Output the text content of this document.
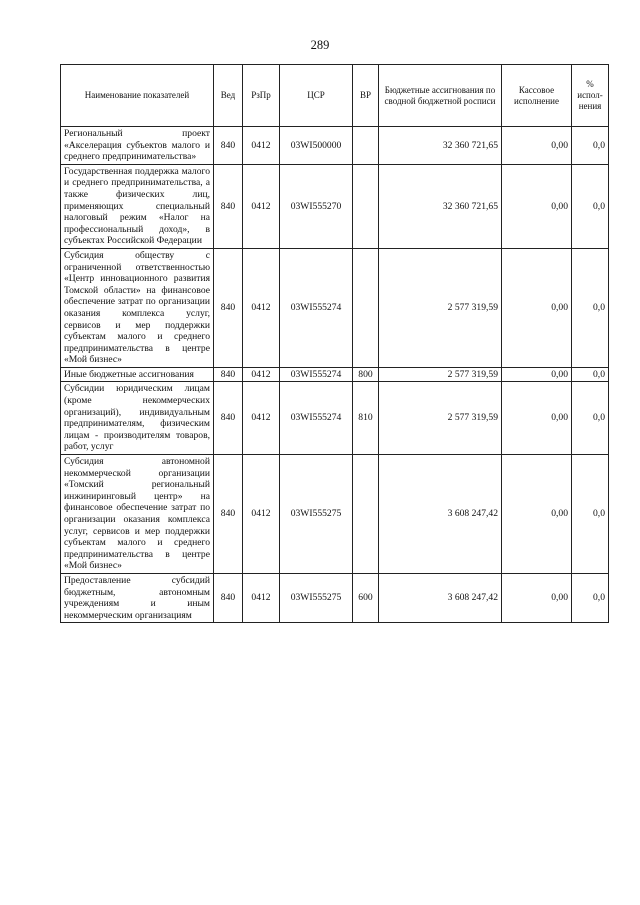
289
Наименование показателей	Вед	РзПр	ЦСР	ВР	Бюджетные ассигнования по сводной бюджетной росписи	Кассовое исполнение	% испол-нения
Региональный проект «Акселерация субъектов малого и среднего предпринимательства»	840	0412	03WI500000		32 360 721,65	0,00	0,0
Государственная поддержка малого и среднего предпринимательства, а также физических лиц, применяющих специальный налоговый режим «Налог на профессиональный доход», в субъектах Российской Федерации	840	0412	03WI555270		32 360 721,65	0,00	0,0
Субсидия обществу с ограниченной ответственностью «Центр инновационного развития Томской области» на финансовое обеспечение затрат по организации оказания комплекса услуг, сервисов и мер поддержки субъектам малого и среднего предпринимательства в центре «Мой бизнес»	840	0412	03WI555274		2 577 319,59	0,00	0,0
Иные бюджетные ассигнования	840	0412	03WI555274	800	2 577 319,59	0,00	0,0
Субсидии юридическим лицам (кроме некоммерческих организаций), индивидуальным предпринимателям, физическим лицам - производителям товаров, работ, услуг	840	0412	03WI555274	810	2 577 319,59	0,00	0,0
Субсидия автономной некоммерческой организации «Томский региональный инжиниринговый центр» на финансовое обеспечение затрат по организации оказания комплекса услуг, сервисов и мер поддержки субъектам малого и среднего предпринимательства в центре «Мой бизнес»	840	0412	03WI555275		3 608 247,42	0,00	0,0
Предоставление субсидий бюджетным, автономным учреждениям и иным некоммерческим организациям	840	0412	03WI555275	600	3 608 247,42	0,00	0,0
